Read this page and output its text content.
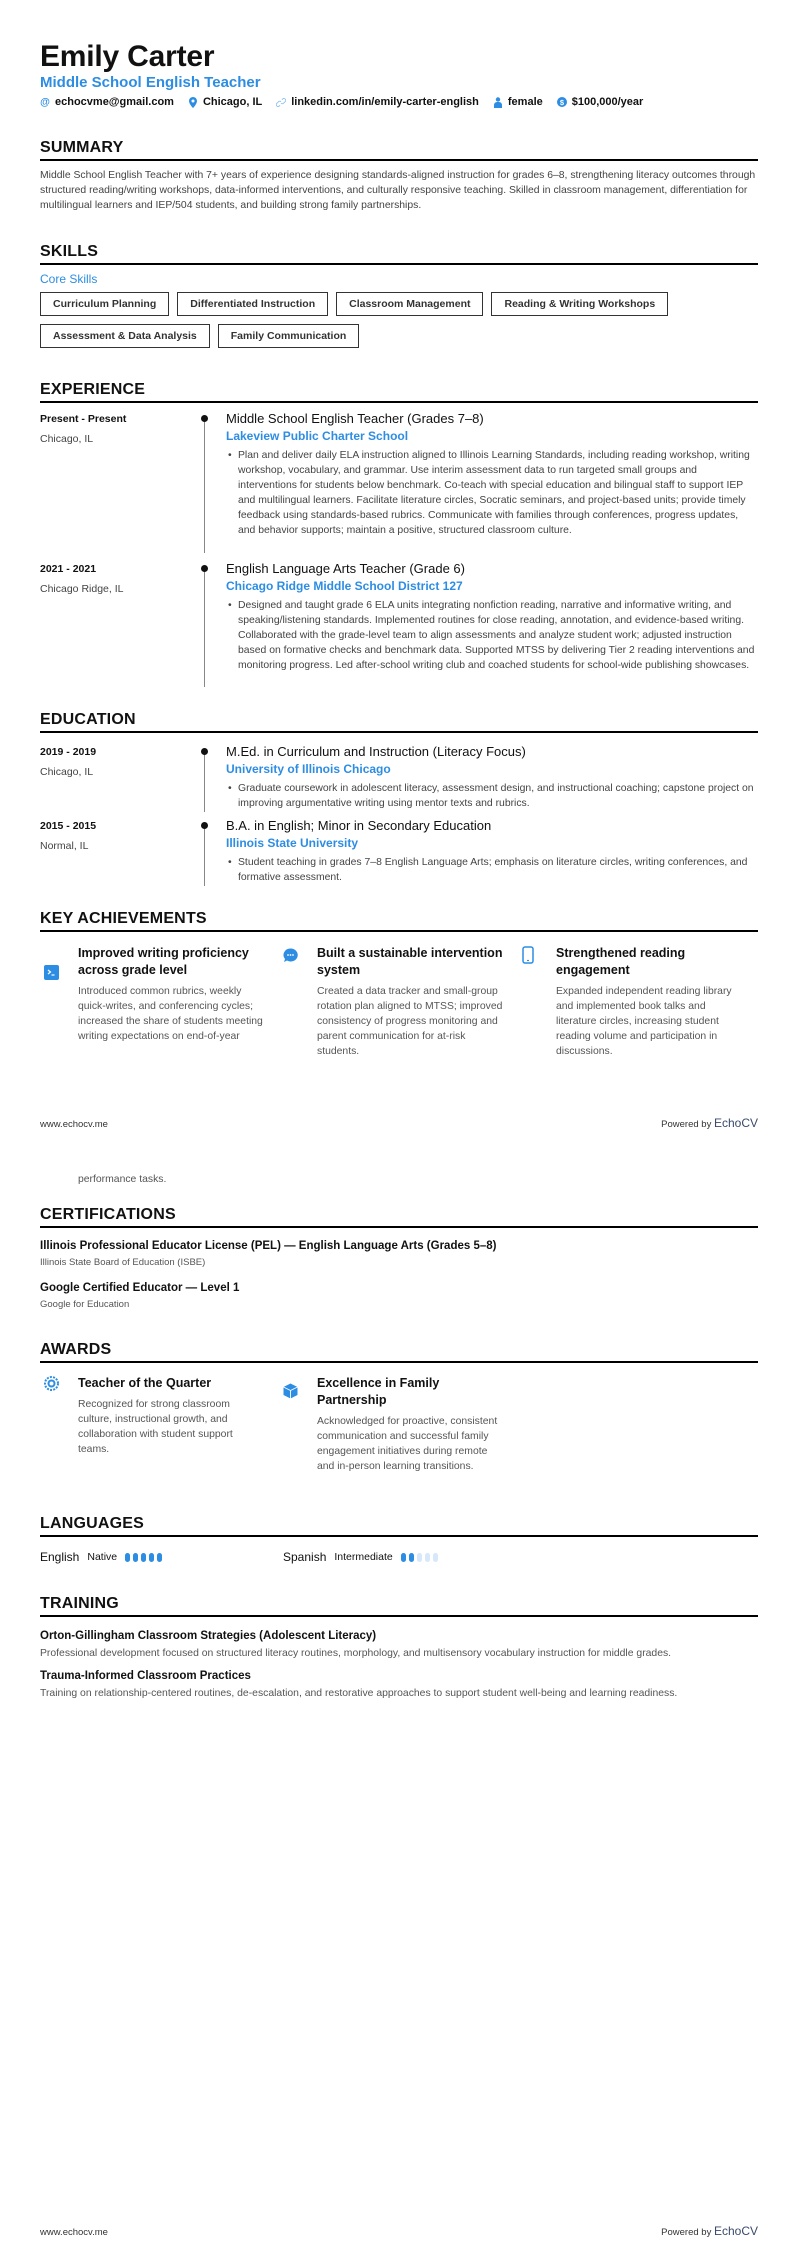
Emily Carter
Middle School English Teacher
@ echocvme@gmail.com	Chicago, IL	linkedin.com/in/emily-carter-english	female $ $100,000/year
SUMMARY
Middle School English Teacher with 7+ years of experience designing standards-aligned instruction for grades 6–8, strengthening literacy outcomes through structured reading/writing workshops, data-informed interventions, and culturally responsive teaching. Skilled in classroom management, differentiation for multilingual learners and IEP/504 students, and building strong family partnerships.
SKILLS
Core Skills
Curriculum Planning	Differentiated Instruction	Classroom Management	Reading & Writing Workshops
Assessment & Data Analysis	Family Communication
EXPERIENCE
Present - Present
Chicago, IL
Middle School English Teacher (Grades 7–8)
Lakeview Public Charter School
• Plan and deliver daily ELA instruction aligned to Illinois Learning Standards, including reading workshop, writing workshop, vocabulary, and grammar. Use interim assessment data to run targeted small groups and interventions for students below benchmark. Co-teach with special education and bilingual staff to support IEP and multilingual learners. Facilitate literature circles, Socratic seminars, and project-based units; provide timely feedback using standards-based rubrics. Communicate with families through conferences, progress updates, and behavior supports; maintain a positive, structured classroom culture.
2021 - 2021
Chicago Ridge, IL
English Language Arts Teacher (Grade 6)
Chicago Ridge Middle School District 127
• Designed and taught grade 6 ELA units integrating nonfiction reading, narrative and informative writing, and speaking/listening standards. Implemented routines for close reading, annotation, and evidence-based writing. Collaborated with the grade-level team to align assessments and analyze student work; adjusted instruction based on formative checks and benchmark data. Supported MTSS by delivering Tier 2 reading interventions and monitoring progress. Led after-school writing club and coached students for school-wide publishing showcases.
EDUCATION
2019 - 2019
Chicago, IL
M.Ed. in Curriculum and Instruction (Literacy Focus)
University of Illinois Chicago
• Graduate coursework in adolescent literacy, assessment design, and instructional coaching; capstone project on improving argumentative writing using mentor texts and rubrics.
2015 - 2015
Normal, IL
B.A. in English; Minor in Secondary Education
Illinois State University
• Student teaching in grades 7–8 English Language Arts; emphasis on literature circles, writing conferences, and formative assessment.
KEY ACHIEVEMENTS
Improved writing proficiency across grade level
Introduced common rubrics, weekly quick-writes, and conferencing cycles; increased the share of students meeting writing expectations on end-of-year
Built a sustainable intervention system
Created a data tracker and small-group rotation plan aligned to MTSS; improved consistency of progress monitoring and parent communication for at-risk students.
Strengthened reading engagement
Expanded independent reading library and implemented book talks and literature circles, increasing student reading volume and participation in discussions.
www.echocv.me	Powered by EchoCV
performance tasks.
CERTIFICATIONS
Illinois Professional Educator License (PEL) — English Language Arts (Grades 5–8)
Illinois State Board of Education (ISBE)
Google Certified Educator — Level 1
Google for Education
AWARDS
Teacher of the Quarter
Recognized for strong classroom culture, instructional growth, and collaboration with student support teams.
Excellence in Family Partnership
Acknowledged for proactive, consistent communication and successful family engagement initiatives during remote and in-person learning transitions.
LANGUAGES
English Native	Spanish Intermediate
TRAINING
Orton-Gillingham Classroom Strategies (Adolescent Literacy)
Professional development focused on structured literacy routines, morphology, and multisensory vocabulary instruction for middle grades.
Trauma-Informed Classroom Practices
Training on relationship-centered routines, de-escalation, and restorative approaches to support student well-being and learning readiness.
www.echocv.me	Powered by EchoCV
